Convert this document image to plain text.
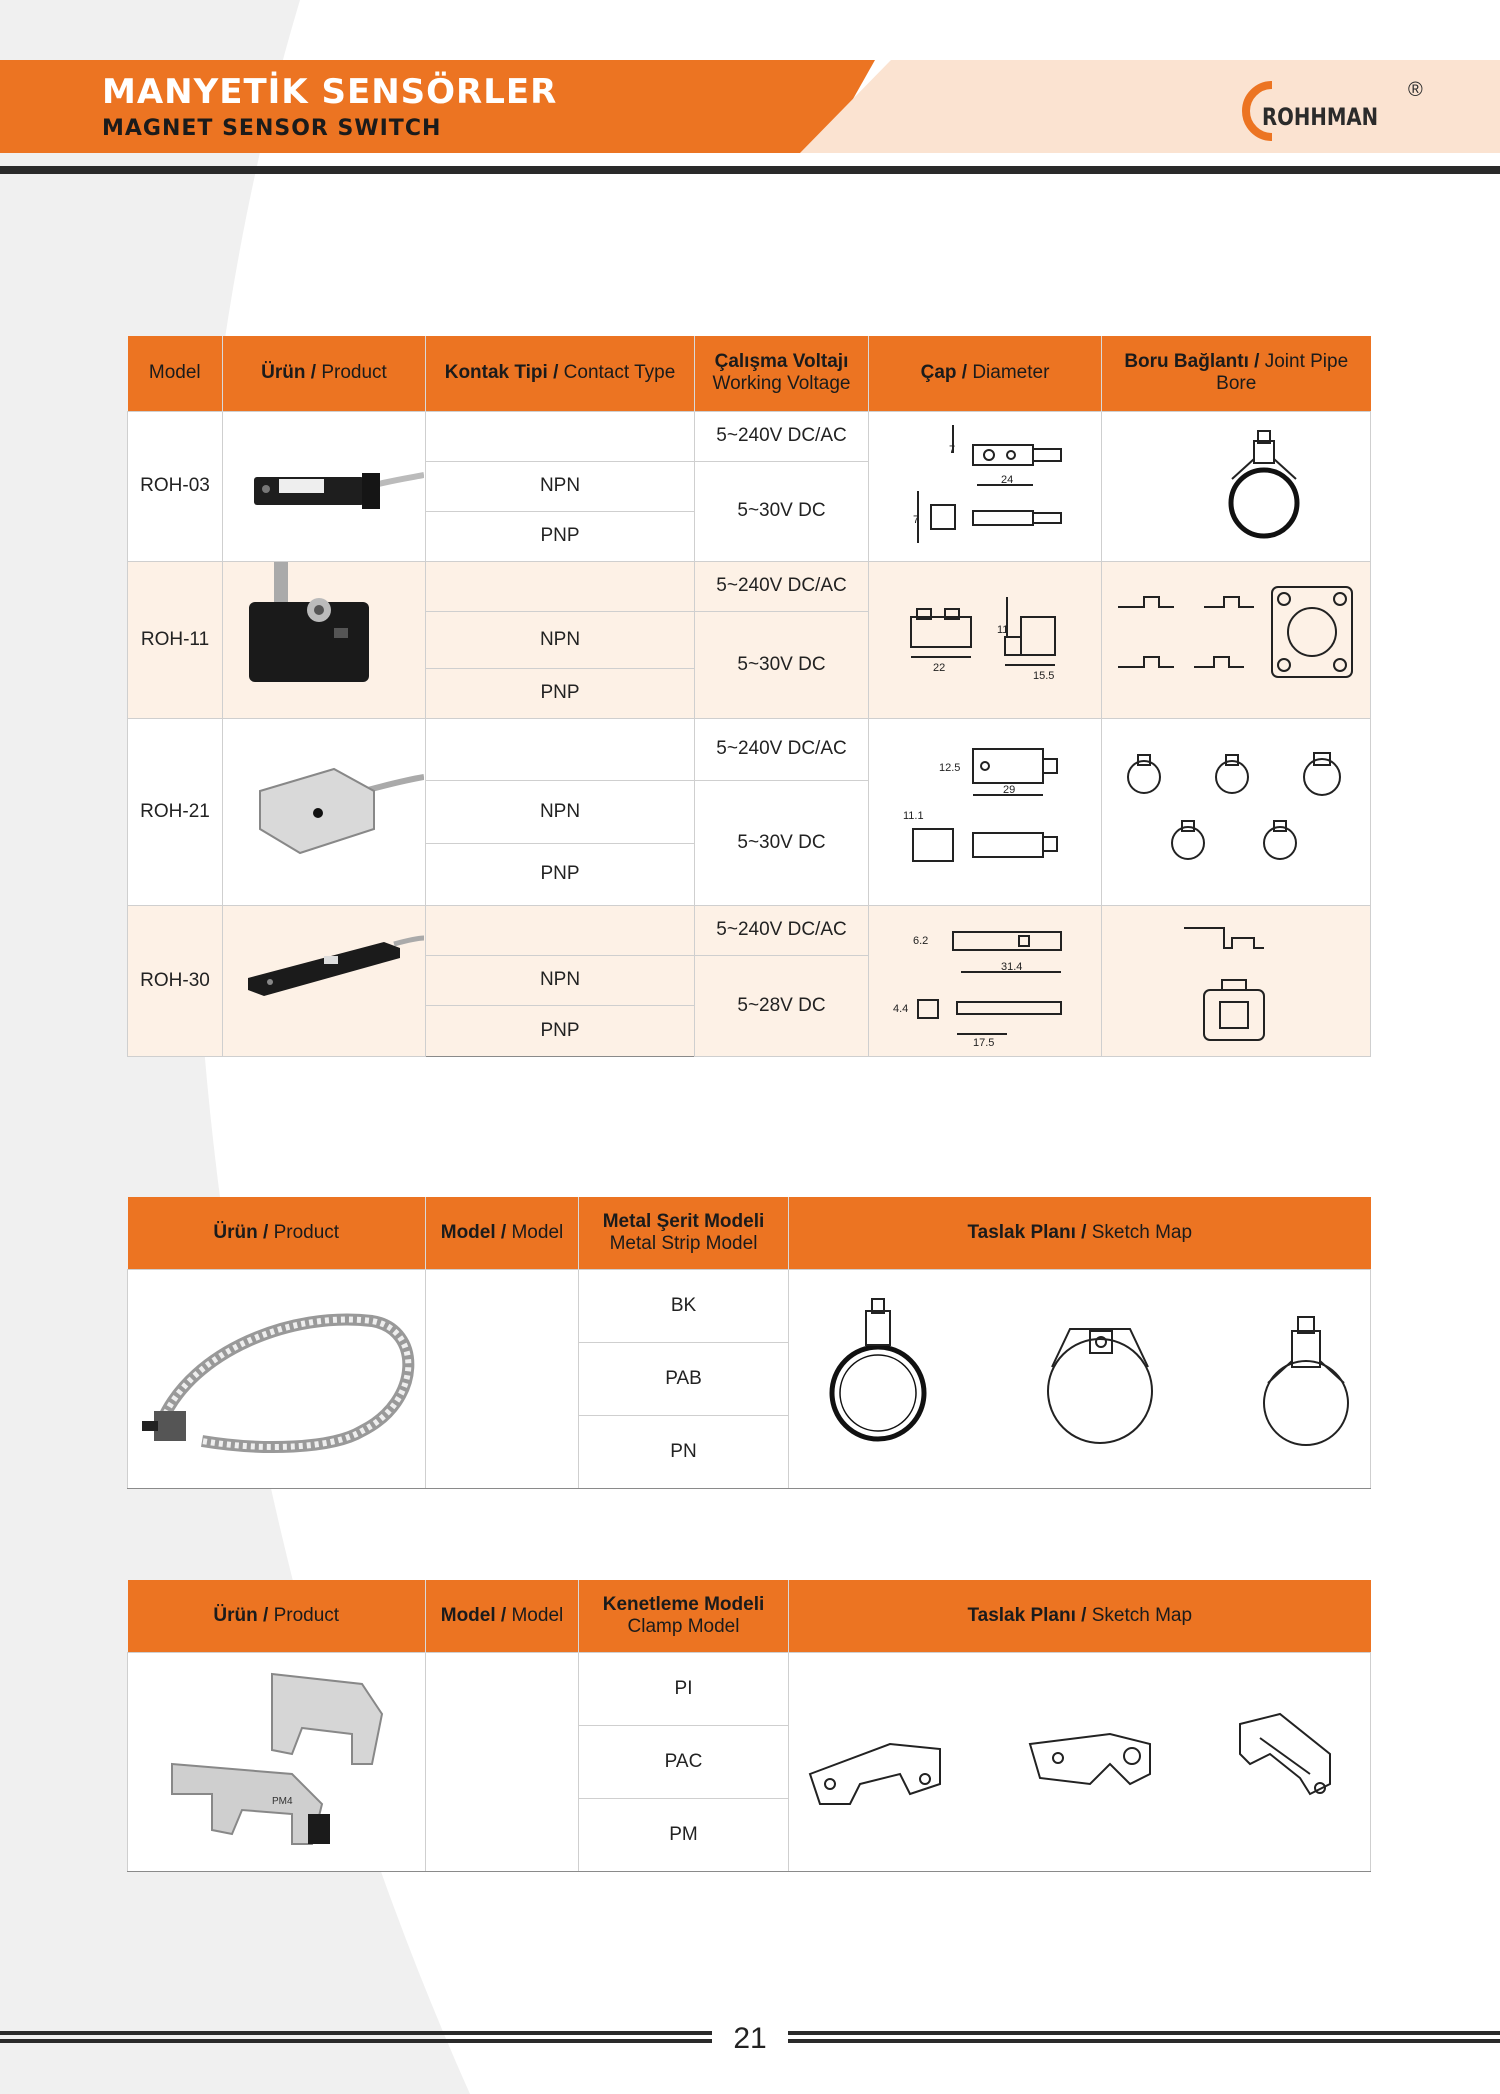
MANYETİK SENSÖRLER
MAGNET SENSOR SWITCH	ROHHMAN
®
Model	Ürün / Product	Kontak Tipi / Contact Type	Çalışma Voltajı
Working Voltage	Çap / Diameter	Boru Bağlantı / Joint Pipe Bore
ROH-03			5~240V DC/AC	7
24
7

		NPN	5~30V DC		
		PNP			
ROH-11			5~240V DC/AC	22
11
15.5

		NPN	5~30V DC		
		PNP			
ROH-21			5~240V DC/AC	12.5
29
11.1

		NPN	5~30V DC		
		PNP			
ROH-30			5~240V DC/AC	6.2
31.4
4.4
17.5

		NPN	5~28V DC		
		PNP			
Ürün / Product	Model / Model	Metal Şerit Modeli
Metal Strip Model	Taslak Planı / Sketch Map
		BK	
		PAB	
		PN	
Ürün / Product	Model / Model	Kenetleme Modeli
Clamp Model	Taslak Planı / Sketch Map

PM4		PI	
		PAC	
		PM	
21
